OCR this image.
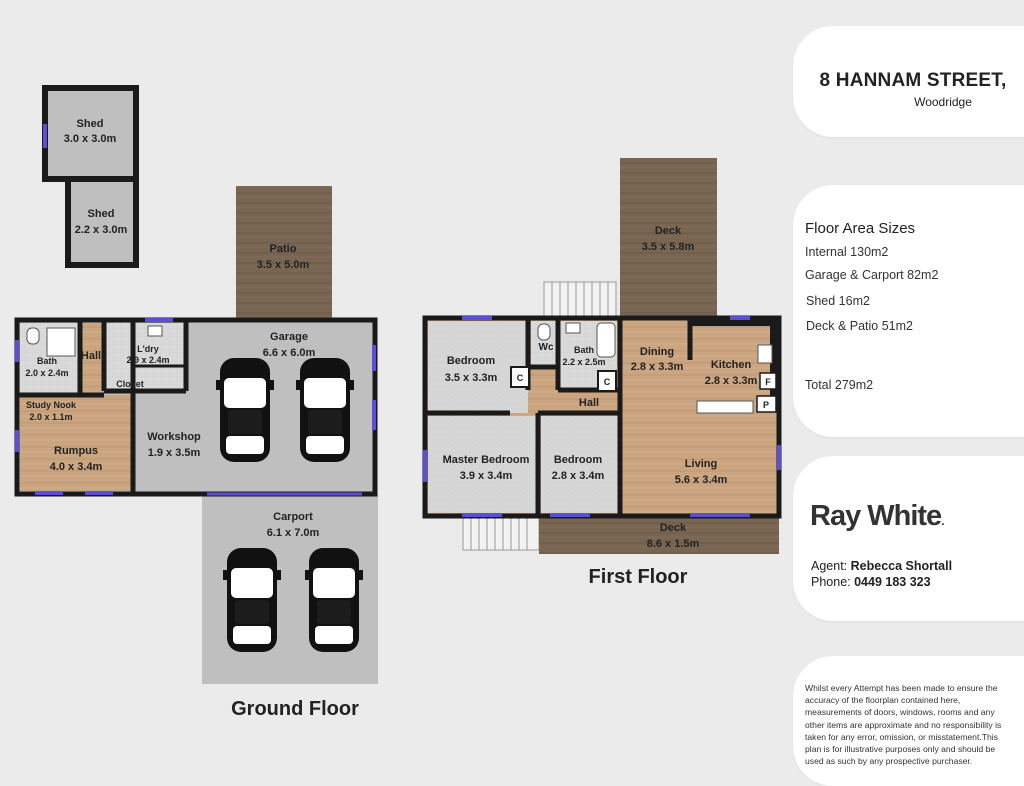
Shed
3.0 x 3.0m
Shed
2.2 x 3.0m
Patio
3.5 x 5.0m
Garage
6.6 x 6.0m
Bath
2.0 x 2.4m
Hall
L'dry
2.9 x 2.4m
Closet
Study Nook
2.0 x 1.1m
Rumpus
4.0 x 3.4m
Workshop
1.9 x 3.5m
Carport
6.1 x 7.0m
Ground Floor
Deck
3.5 x 5.8m
Bedroom
3.5 x 3.3m
Wc Bath
2.2 x 2.5m
Dining
2.8 x 3.3m	Kitchen
2.8 x 3.3m
Hall
Master Bedroom
3.9 x 3.4m
Bedroom
2.8 x 3.4m
Living
5.6 x 3.4m
Deck
8.6 x 1.5m
C	C	F
P
First Floor
8 HANNAM STREET,
Woodridge
Floor Area Sizes
Internal 130m2
Garage & Carport 82m2
Shed 16m2
Deck & Patio 51m2
Total 279m2
Ray White.
Agent: Rebecca Shortall
Phone: 0449 183 323
Whilst every Attempt has been made to ensure the accuracy of the floorplan contained here, measurements of doors, windows, rooms and any other items are approximate and no responsibility is taken for any error, omission, or misstatement.This plan is for illustrative purposes only and should be used as such by any prospective purchaser.
